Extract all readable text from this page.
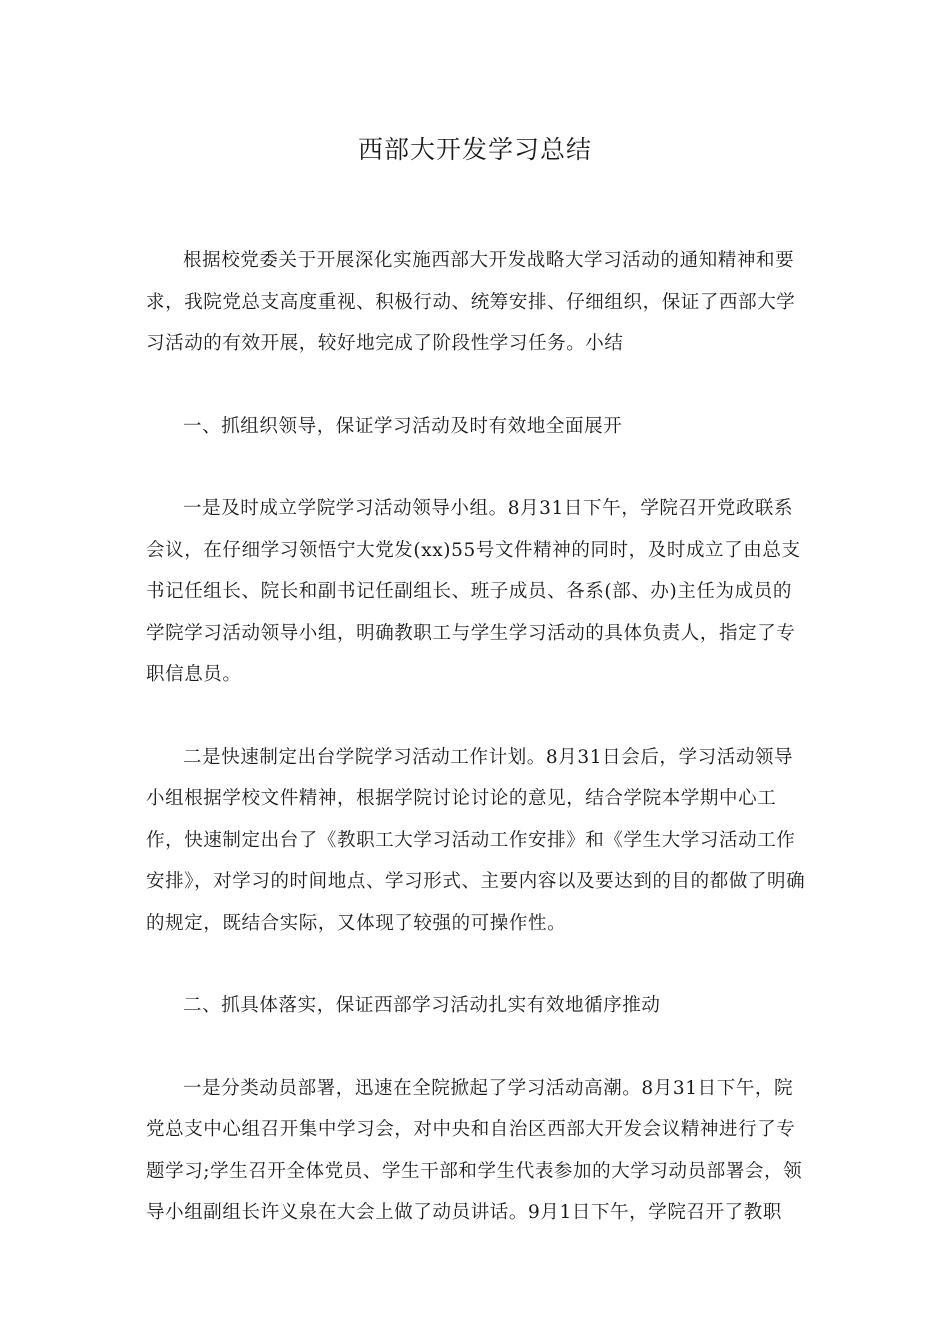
西部大开发学习总结

根据校党委关于开展深化实施西部大开发战略大学习活动的通知精神和要求，我院党总支高度重视、积极行动、统筹安排、仔细组织，保证了西部大学习活动的有效开展，较好地完成了阶段性学习任务。小结

一、抓组织领导，保证学习活动及时有效地全面展开

一是及时成立学院学习活动领导小组。8月31日下午，学院召开党政联系会议，在仔细学习领悟宁大党发(xx)55号文件精神的同时，及时成立了由总支书记任组长、院长和副书记任副组长、班子成员、各系(部、办)主任为成员的学院学习活动领导小组，明确教职工与学生学习活动的具体负责人，指定了专职信息员。

二是快速制定出台学院学习活动工作计划。8月31日会后，学习活动领导小组根据学校文件精神，根据学院讨论讨论的意见，结合学院本学期中心工作，快速制定出台了《教职工大学习活动工作安排》和《学生大学习活动工作安排》，对学习的时间地点、学习形式、主要内容以及要达到的目的都做了明确的规定，既结合实际，又体现了较强的可操作性。

二、抓具体落实，保证西部学习活动扎实有效地循序推动

一是分类动员部署，迅速在全院掀起了学习活动高潮。8月31日下午，院党总支中心组召开集中学习会，对中央和自治区西部大开发会议精神进行了专题学习;学生召开全体党员、学生干部和学生代表参加的大学习动员部署会，领导小组副组长许义泉在大会上做了动员讲话。9月1日下午，学院召开了教职
